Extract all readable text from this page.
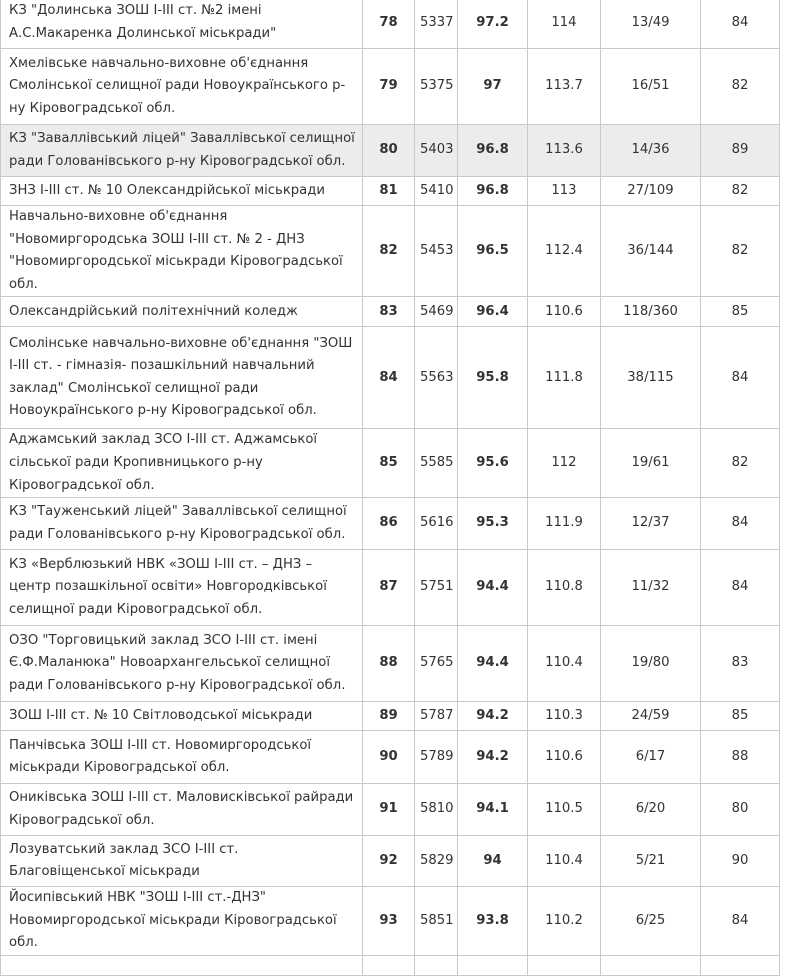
КЗ "Долинська ЗОШ І-ІІІ ст. №2 імені А.С.Макаренка Долинської міськради"	78	5337	97.2	114	13/49	84
Хмелівське навчально-виховне об'єднання Смолінської селищної ради Новоукраїнського р-ну Кіровоградської обл.	79	5375	97	113.7	16/51	82
КЗ "Заваллівський ліцей" Заваллівської селищної ради Голованівського р-ну Кіровоградської обл.	80	5403	96.8	113.6	14/36	89
ЗНЗ І-ІІІ ст. № 10 Олександрійської міськради	81	5410	96.8	113	27/109	82
Навчально-виховне об'єднання "Новомиргородська ЗОШ І-ІІІ ст. № 2 - ДНЗ "Новомиргородської міськради Кіровоградської обл.	82	5453	96.5	112.4	36/144	82
Олександрійський політехнічний коледж	83	5469	96.4	110.6	118/360	85
Смолінське навчально-виховне об'єднання "ЗОШ І-ІІІ ст. - гімназія- позашкільний навчальний заклад" Смолінської селищної ради Новоукраїнського р-ну Кіровоградської обл.	84	5563	95.8	111.8	38/115	84
Аджамський заклад ЗСО І-ІІІ ст. Аджамської сільської ради Кропивницького р-ну Кіровоградської обл.	85	5585	95.6	112	19/61	82
КЗ "Тауженський ліцей" Заваллівської селищної ради Голованівського р-ну Кіровоградської обл.	86	5616	95.3	111.9	12/37	84
КЗ «Верблюзький НВК «ЗОШ І-ІІІ ст. – ДНЗ – центр позашкільної освіти» Новгородківської селищної ради Кіровоградської обл.	87	5751	94.4	110.8	11/32	84
ОЗО "Торговицький заклад ЗСО І-ІІІ ст. імені Є.Ф.Маланюка" Новоархангельської селищної ради Голованівського р-ну Кіровоградської обл.	88	5765	94.4	110.4	19/80	83
ЗОШ І-ІІІ ст. № 10 Світловодської міськради	89	5787	94.2	110.3	24/59	85
Панчівська ЗОШ І-ІІІ ст. Новомиргородської міськради Кіровоградської обл.	90	5789	94.2	110.6	6/17	88
Ониківська ЗОШ І-ІІІ ст. Маловисківської райради Кіровоградської обл.	91	5810	94.1	110.5	6/20	80
Лозуватський заклад ЗСО І-ІІІ ст. Благовіщенської міськради	92	5829	94	110.4	5/21	90
Йосипівський НВК "ЗОШ І-ІІІ ст.-ДНЗ" Новомиргородської міськради Кіровоградської обл.	93	5851	93.8	110.2	6/25	84
